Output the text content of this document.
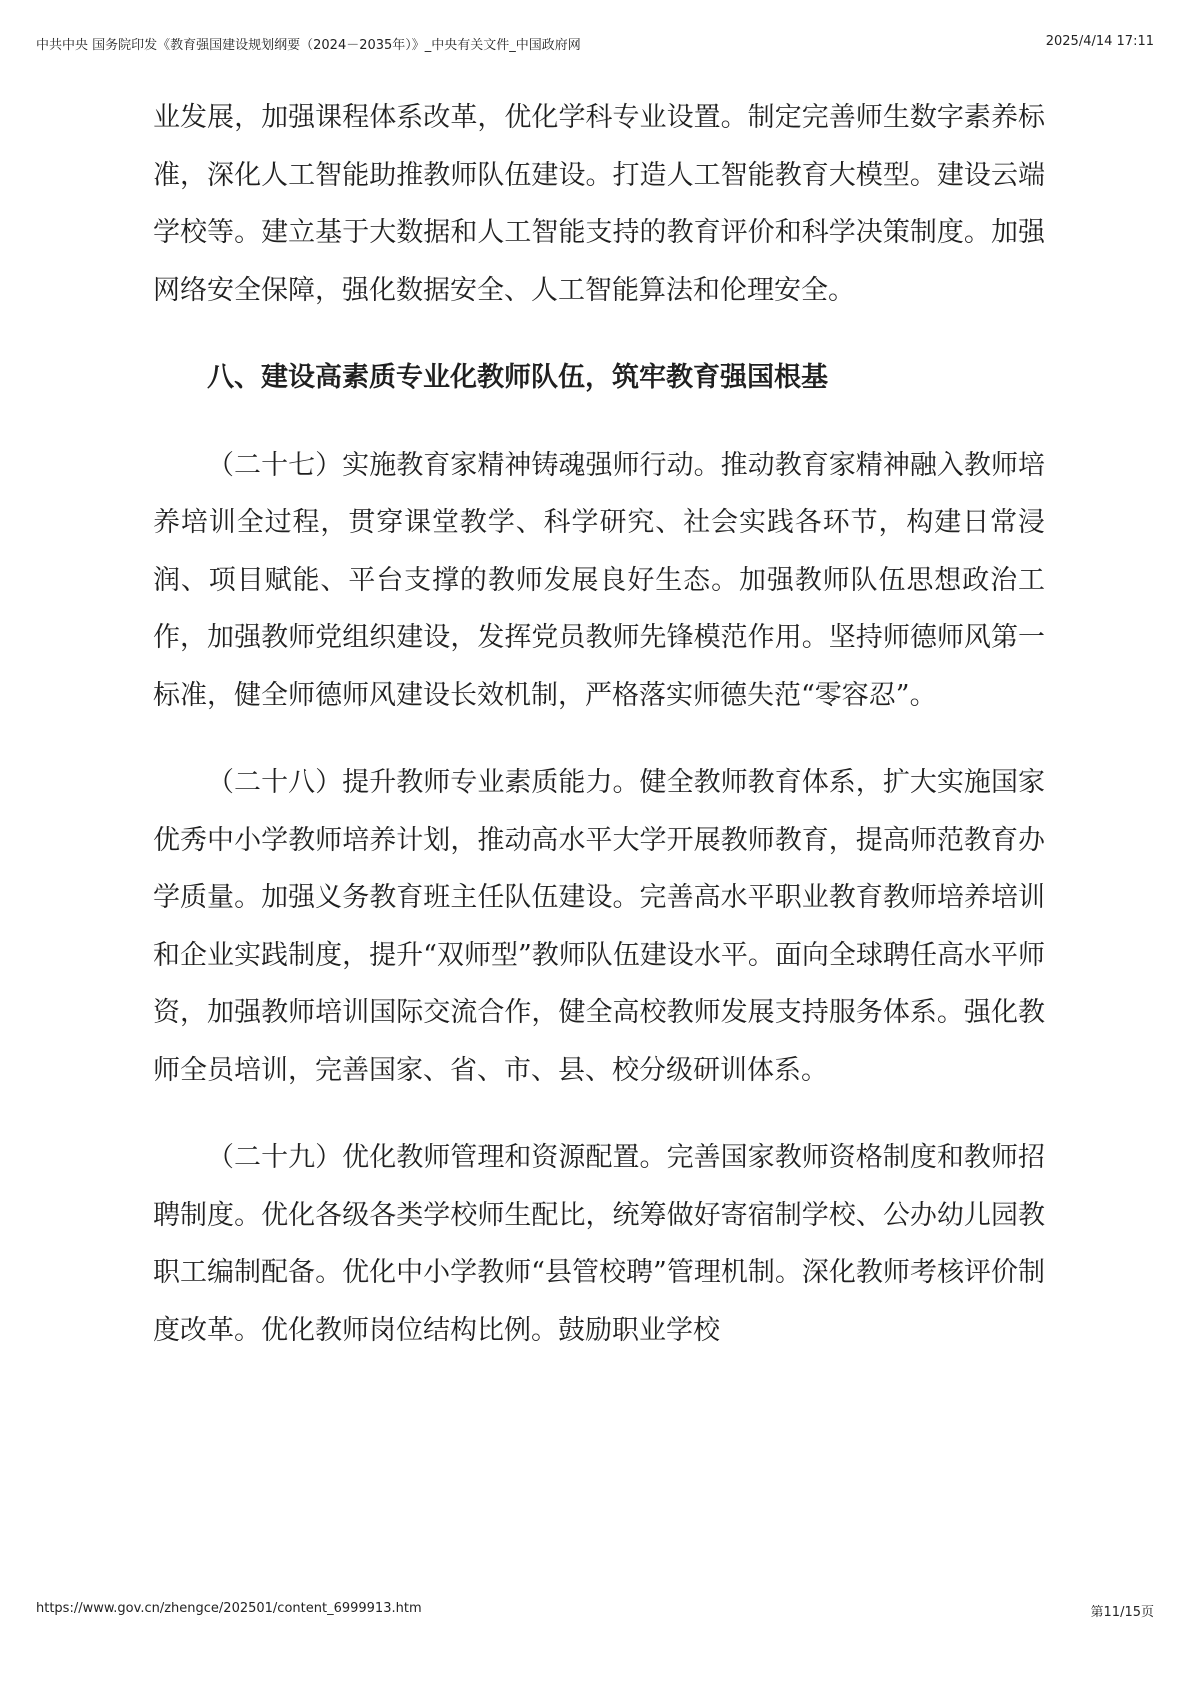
中共中央 国务院印发《教育强国建设规划纲要（2024－2035年）》_中央有关文件_中国政府网	2025/4/14 17:11

业发展，加强课程体系改革，优化学科专业设置。制定完善师生数字素养标准，深化人工智能助推教师队伍建设。打造人工智能教育大模型。建设云端学校等。建立基于大数据和人工智能支持的教育评价和科学决策制度。加强网络安全保障，强化数据安全、人工智能算法和伦理安全。

八、建设高素质专业化教师队伍，筑牢教育强国根基

（二十七）实施教育家精神铸魂强师行动。推动教育家精神融入教师培养培训全过程，贯穿课堂教学、科学研究、社会实践各环节，构建日常浸润、项目赋能、平台支撑的教师发展良好生态。加强教师队伍思想政治工作，加强教师党组织建设，发挥党员教师先锋模范作用。坚持师德师风第一标准，健全师德师风建设长效机制，严格落实师德失范“零容忍”。

（二十八）提升教师专业素质能力。健全教师教育体系，扩大实施国家优秀中小学教师培养计划，推动高水平大学开展教师教育，提高师范教育办学质量。加强义务教育班主任队伍建设。完善高水平职业教育教师培养培训和企业实践制度，提升“双师型”教师队伍建设水平。面向全球聘任高水平师资，加强教师培训国际交流合作，健全高校教师发展支持服务体系。强化教师全员培训，完善国家、省、市、县、校分级研训体系。

（二十九）优化教师管理和资源配置。完善国家教师资格制度和教师招聘制度。优化各级各类学校师生配比，统筹做好寄宿制学校、公办幼儿园教职工编制配备。优化中小学教师“县管校聘”管理机制。深化教师考核评价制度改革。优化教师岗位结构比例。鼓励职业学校

https://www.gov.cn/zhengce/202501/content_6999913.htm	第11/15页
